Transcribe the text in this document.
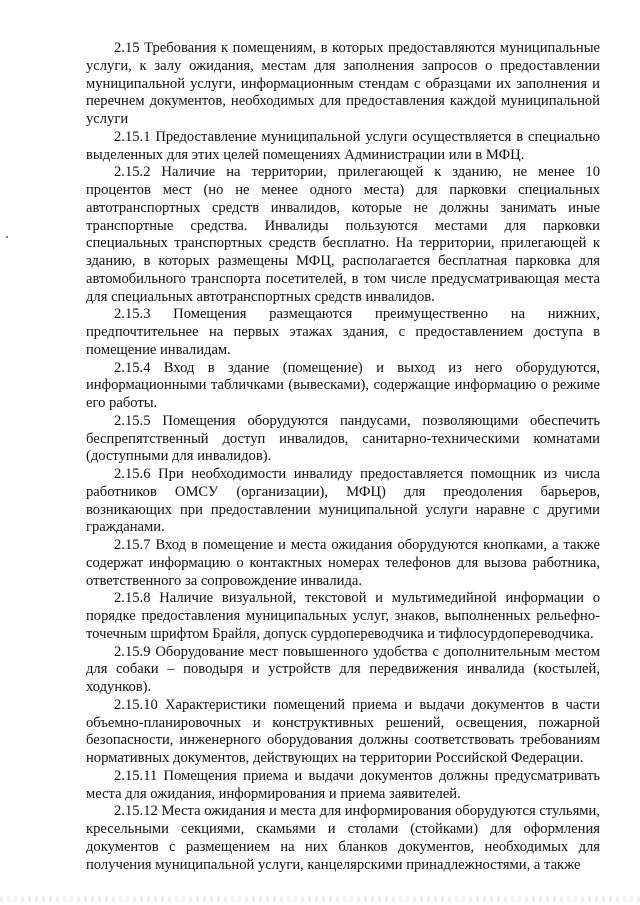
2.15 Требования к помещениям, в которых предоставляются муниципальные услуги, к залу ожидания, местам для заполнения запросов о предоставлении муниципальной услуги, информационным стендам с образцами их заполнения и перечнем документов, необходимых для предоставления каждой муниципальной услуги

2.15.1 Предоставление муниципальной услуги осуществляется в специально выделенных для этих целей помещениях Администрации или в МФЦ.

2.15.2 Наличие на территории, прилегающей к зданию, не менее 10 процентов мест (но не менее одного места) для парковки специальных автотранспортных средств инвалидов, которые не должны занимать иные транспортные средства. Инвалиды пользуются местами для парковки специальных транспортных средств бесплатно. На территории, прилегающей к зданию, в которых размещены МФЦ, располагается бесплатная парковка для автомобильного транспорта посетителей, в том числе предусматривающая места для специальных автотранспортных средств инвалидов.

2.15.3 Помещения размещаются преимущественно на нижних, предпочтительнее на первых этажах здания, с предоставлением доступа в помещение инвалидам.

2.15.4 Вход в здание (помещение) и выход из него оборудуются, информационными табличками (вывесками), содержащие информацию о режиме его работы.

2.15.5 Помещения оборудуются пандусами, позволяющими обеспечить беспрепятственный доступ инвалидов, санитарно-техническими комнатами (доступными для инвалидов).

2.15.6 При необходимости инвалиду предоставляется помощник из числа работников ОМСУ (организации), МФЦ) для преодоления барьеров, возникающих при предоставлении муниципальной услуги наравне с другими гражданами.

2.15.7 Вход в помещение и места ожидания оборудуются кнопками, а также содержат информацию о контактных номерах телефонов для вызова работника, ответственного за сопровождение инвалида.

2.15.8 Наличие визуальной, текстовой и мультимедийной информации о порядке предоставления муниципальных услуг, знаков, выполненных рельефно-точечным шрифтом Брайля, допуск сурдопереводчика и тифлосурдопереводчика.

2.15.9 Оборудование мест повышенного удобства с дополнительным местом для собаки – поводыря и устройств для передвижения инвалида (костылей, ходунков).

2.15.10 Характеристики помещений приема и выдачи документов в части объемно-планировочных и конструктивных решений, освещения, пожарной безопасности, инженерного оборудования должны соответствовать требованиям нормативных документов, действующих на территории Российской Федерации.

2.15.11 Помещения приема и выдачи документов должны предусматривать места для ожидания, информирования и приема заявителей.

2.15.12 Места ожидания и места для информирования оборудуются стульями, кресельными секциями, скамьями и столами (стойками) для оформления документов с размещением на них бланков документов, необходимых для получения муниципальной услуги, канцелярскими принадлежностями, а также
